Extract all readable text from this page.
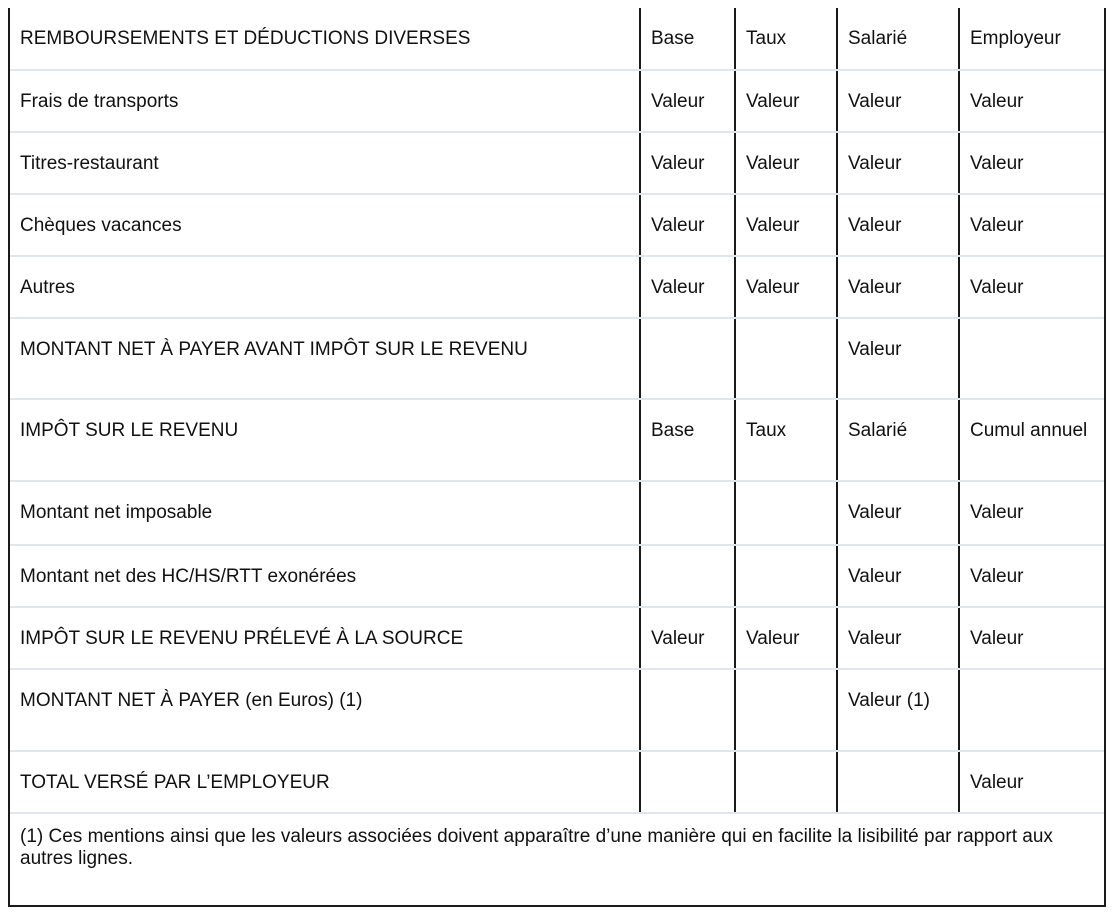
REMBOURSEMENTS ET DÉDUCTIONS DIVERSES	Base	Taux	Salarié	Employeur
Frais de transports	Valeur	Valeur	Valeur	Valeur
Titres-restaurant	Valeur	Valeur	Valeur	Valeur
Chèques vacances	Valeur	Valeur	Valeur	Valeur
Autres	Valeur	Valeur	Valeur	Valeur
MONTANT NET À PAYER AVANT IMPÔT SUR LE REVENU			Valeur	
IMPÔT SUR LE REVENU	Base	Taux	Salarié	Cumul annuel
Montant net imposable			Valeur	Valeur
Montant net des HC/HS/RTT exonérées			Valeur	Valeur
IMPÔT SUR LE REVENU PRÉLEVÉ À LA SOURCE	Valeur	Valeur	Valeur	Valeur
MONTANT NET À PAYER (en Euros) (1)			Valeur (1)	
TOTAL VERSÉ PAR L’EMPLOYEUR				Valeur
(1) Ces mentions ainsi que les valeurs associées doivent apparaître d’une manière qui en facilite la lisibilité par rapport aux autres lignes.
